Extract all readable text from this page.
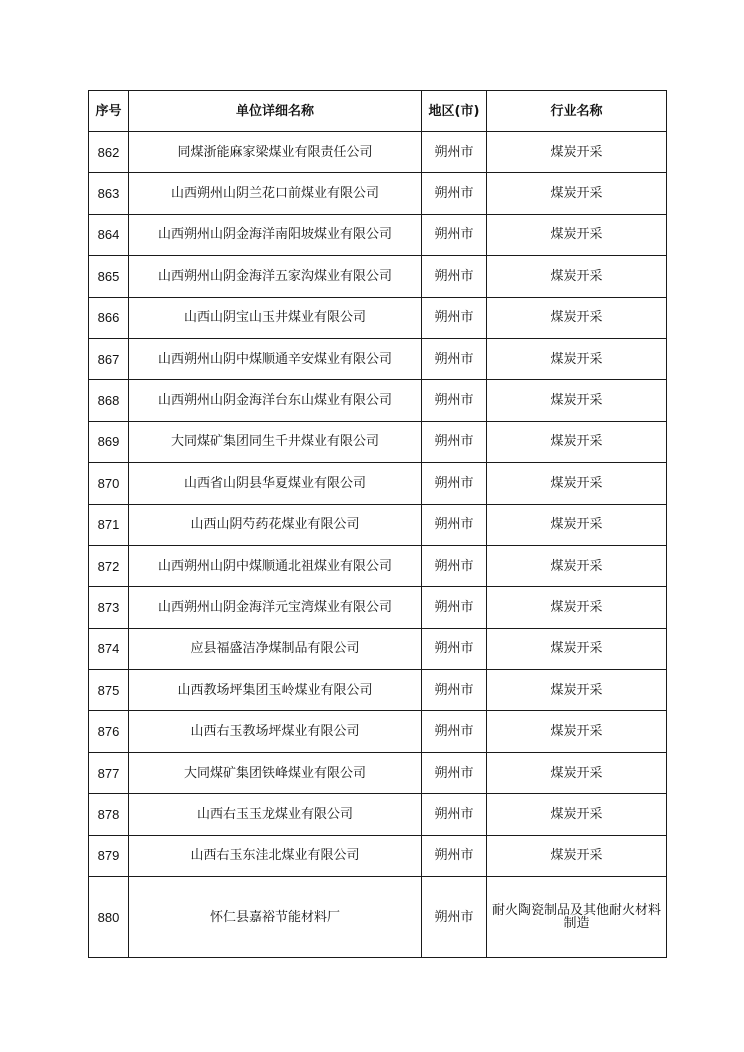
序号	单位详细名称	地区(市)	行业名称
862	同煤浙能麻家梁煤业有限责任公司	朔州市	煤炭开采
863	山西朔州山阴兰花口前煤业有限公司	朔州市	煤炭开采
864	山西朔州山阴金海洋南阳坡煤业有限公司	朔州市	煤炭开采
865	山西朔州山阴金海洋五家沟煤业有限公司	朔州市	煤炭开采
866	山西山阴宝山玉井煤业有限公司	朔州市	煤炭开采
867	山西朔州山阴中煤顺通辛安煤业有限公司	朔州市	煤炭开采
868	山西朔州山阴金海洋台东山煤业有限公司	朔州市	煤炭开采
869	大同煤矿集团同生千井煤业有限公司	朔州市	煤炭开采
870	山西省山阴县华夏煤业有限公司	朔州市	煤炭开采
871	山西山阴芍药花煤业有限公司	朔州市	煤炭开采
872	山西朔州山阴中煤顺通北祖煤业有限公司	朔州市	煤炭开采
873	山西朔州山阴金海洋元宝湾煤业有限公司	朔州市	煤炭开采
874	应县福盛洁净煤制品有限公司	朔州市	煤炭开采
875	山西教场坪集团玉岭煤业有限公司	朔州市	煤炭开采
876	山西右玉教场坪煤业有限公司	朔州市	煤炭开采
877	大同煤矿集团铁峰煤业有限公司	朔州市	煤炭开采
878	山西右玉玉龙煤业有限公司	朔州市	煤炭开采
879	山西右玉东洼北煤业有限公司	朔州市	煤炭开采
880	怀仁县嘉裕节能材料厂	朔州市	耐火陶瓷制品及其他耐火材料制造
